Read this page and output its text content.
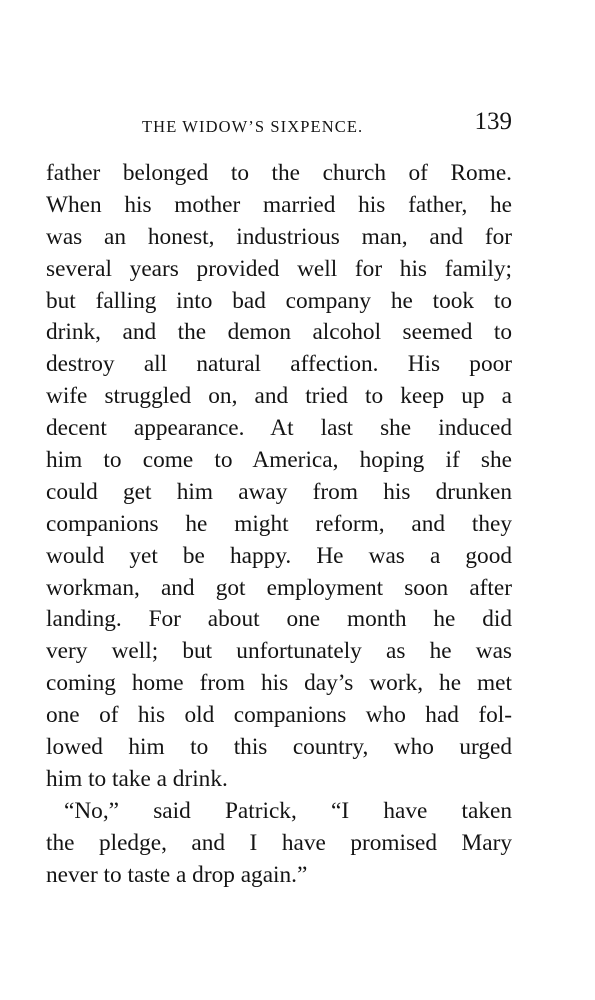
THE WIDOW’S SIXPENCE.	139
father belonged to the church of Rome.
When his mother married his father, he
was an honest, industrious man, and for
several years provided well for his family;
but falling into bad company he took to
drink, and the demon alcohol seemed to
destroy all natural affection. His poor
wife struggled on, and tried to keep up a
decent appearance. At last she induced
him to come to America, hoping if she
could get him away from his drunken
companions he might reform, and they
would yet be happy. He was a good
workman, and got employment soon after
landing. For about one month he did
very well; but unfortunately as he was
coming home from his day’s work, he met
one of his old companions who had fol-
lowed him to this country, who urged
him to take a drink.
“No,” said Patrick, “I have taken
the pledge, and I have promised Mary
never to taste a drop again.”
